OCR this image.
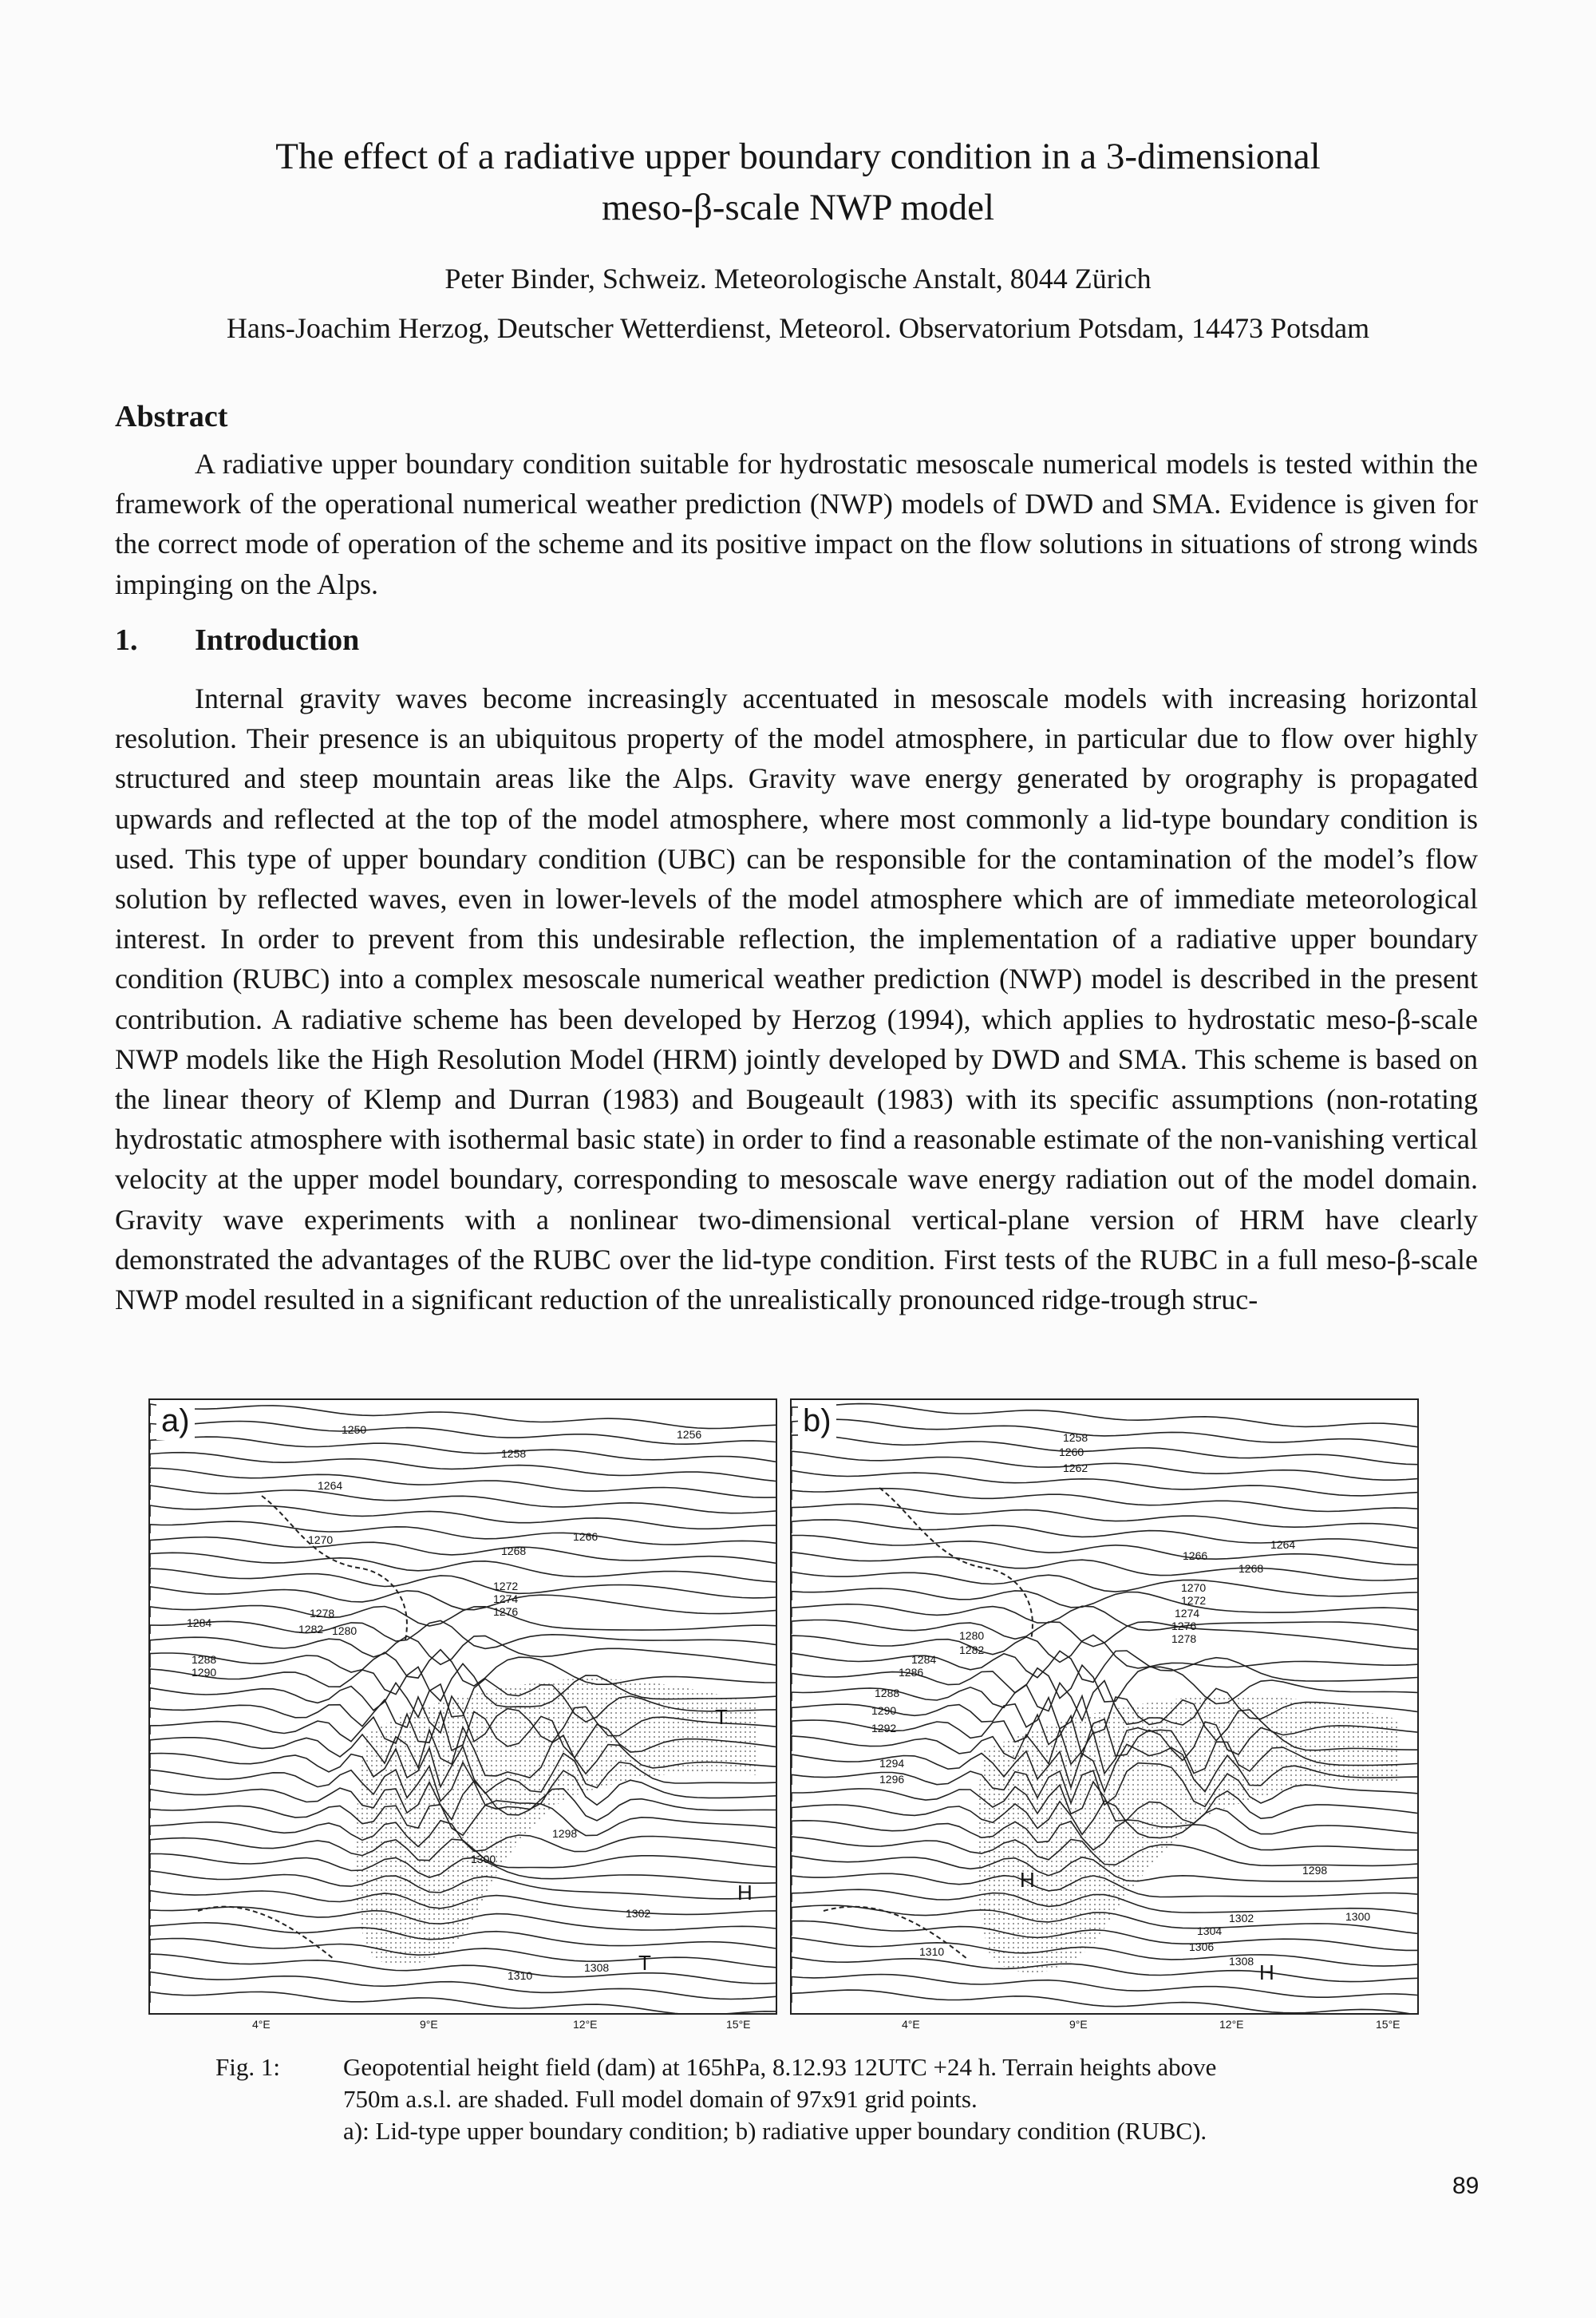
The effect of a radiative upper boundary condition in a 3-dimensional
meso-β-scale NWP model
Peter Binder, Schweiz. Meteorologische Anstalt, 8044 Zürich
Hans-Joachim Herzog, Deutscher Wetterdienst, Meteorol. Observatorium Potsdam, 14473 Potsdam
Abstract

A radiative upper boundary condition suitable for hydrostatic mesoscale numerical models is tested within the framework of the operational numerical weather prediction (NWP) models of DWD and SMA. Evidence is given for the correct mode of operation of the scheme and its positive impact on the flow solutions in situations of strong winds impinging on the Alps.

1. Introduction

Internal gravity waves become increasingly accentuated in mesoscale models with increasing horizontal resolution. Their presence is an ubiquitous property of the model atmosphere, in particular due to flow over highly structured and steep mountain areas like the Alps. Gravity wave energy generated by orography is propagated upwards and reflected at the top of the model atmosphere, where most commonly a lid-type boundary condition is used. This type of upper boundary condition (UBC) can be responsible for the contamination of the model’s flow solution by reflected waves, even in lower-levels of the model atmosphere which are of immediate meteorological interest. In order to prevent from this undesirable reflection, the implementation of a radiative upper boundary condition (RUBC) into a complex mesoscale numerical weather prediction (NWP) model is described in the present contribution. A radiative scheme has been developed by Herzog (1994), which applies to hydrostatic meso-β-scale NWP models like the High Resolution Model (HRM) jointly developed by DWD and SMA. This scheme is based on the linear theory of Klemp and Durran (1983) and Bougeault (1983) with its specific assumptions (non-rotating hydrostatic atmosphere with isothermal basic state) in order to find a reasonable estimate of the non-vanishing vertical velocity at the upper model boundary, corresponding to mesoscale wave energy radiation out of the model domain. Gravity wave experiments with a nonlinear two-dimensional vertical-plane version of HRM have clearly demonstrated the advantages of the RUBC over the lid-type condition. First tests of the RUBC in a full meso-β-scale NWP model resulted in a significant reduction of the unrealistically pronounced ridge-trough struc-

1250	1256
1258
1264
1266
1268
1270
1272
1274
1276
1278
1280
1282
1284
1288
1290
1298
1300
1302
1308
1310
T
H
T
a)	1258
1260
1262
1264
1266
1268
1270
1272
1274
1276
1278
1280
1282
1284
1286
1288
1290
1292
1294
1296
1298
1300
1302
1304
1306
1308
1310
H
H
b)
4°E	9°E	12°E	15°E	4°E	9°E	12°E	15°E
Fig. 1:	Geopotential height field (dam) at 165hPa, 8.12.93 12UTC +24 h. Terrain heights above
750m a.s.l. are shaded. Full model domain of 97x91 grid points.
a): Lid-type upper boundary condition; b) radiative upper boundary condition (RUBC).
89
